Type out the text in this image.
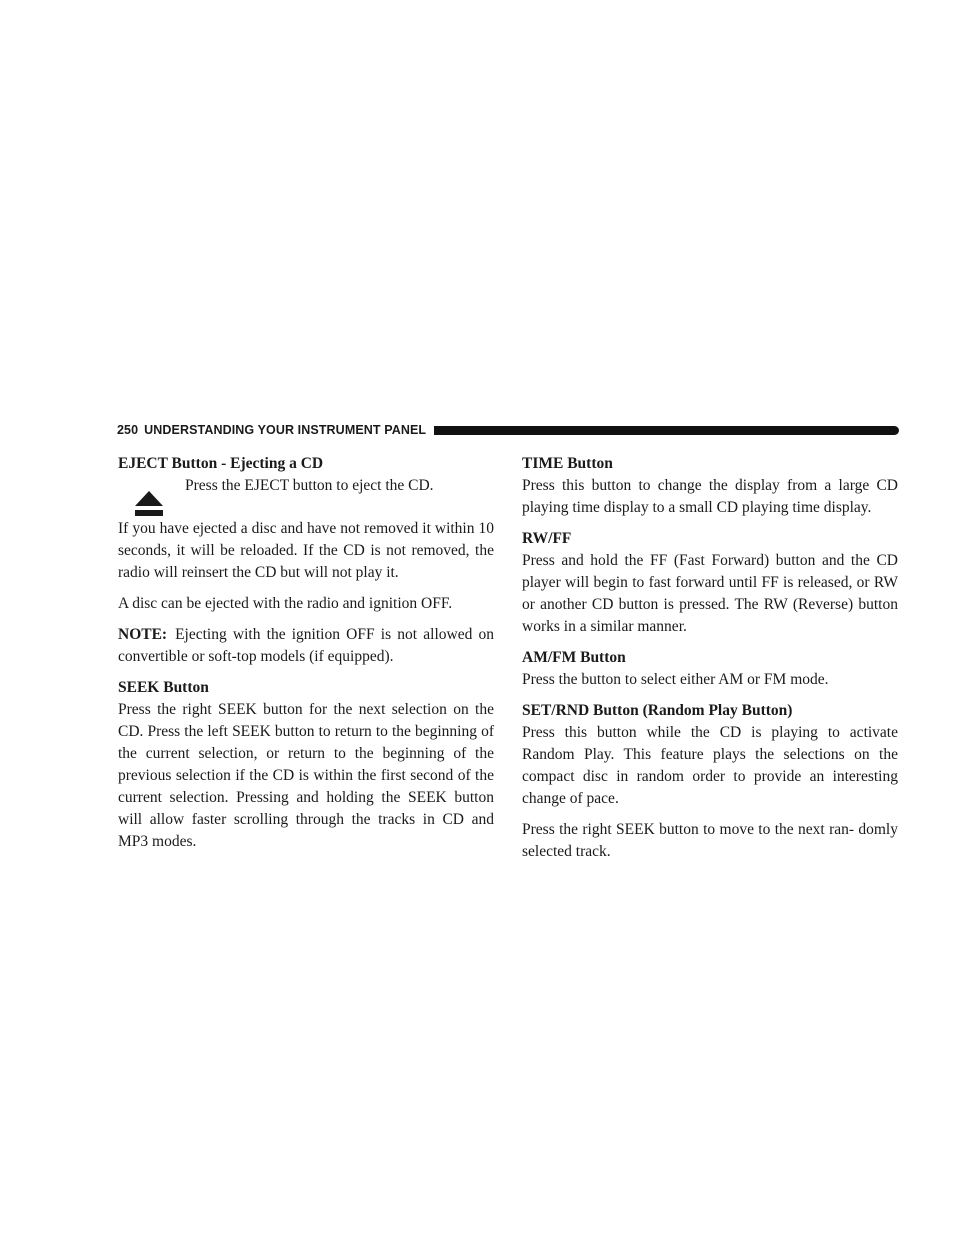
250 UNDERSTANDING YOUR INSTRUMENT PANEL

EJECT Button - Ejecting a CD

Press the EJECT button to eject the CD.

If you have ejected a disc and have not removed it within 10 seconds, it will be reloaded. If the CD is not removed, the radio will reinsert the CD but will not play it.

A disc can be ejected with the radio and ignition OFF.

NOTE: Ejecting with the ignition OFF is not allowed on convertible or soft-top models (if equipped).

SEEK Button

Press the right SEEK button for the next selection on the CD. Press the left SEEK button to return to the beginning of the current selection, or return to the beginning of the previous selection if the CD is within the first second of the current selection. Pressing and holding the SEEK button will allow faster scrolling through the tracks in CD and MP3 modes.

TIME Button

Press this button to change the display from a large CD playing time display to a small CD playing time display.

RW/FF

Press and hold the FF (Fast Forward) button and the CD player will begin to fast forward until FF is released, or RW or another CD button is pressed. The RW (Reverse) button works in a similar manner.

AM/FM Button

Press the button to select either AM or FM mode.

SET/RND Button (Random Play Button)

Press this button while the CD is playing to activate Random Play. This feature plays the selections on the compact disc in random order to provide an interesting change of pace.

Press the right SEEK button to move to the next ran- domly selected track.
